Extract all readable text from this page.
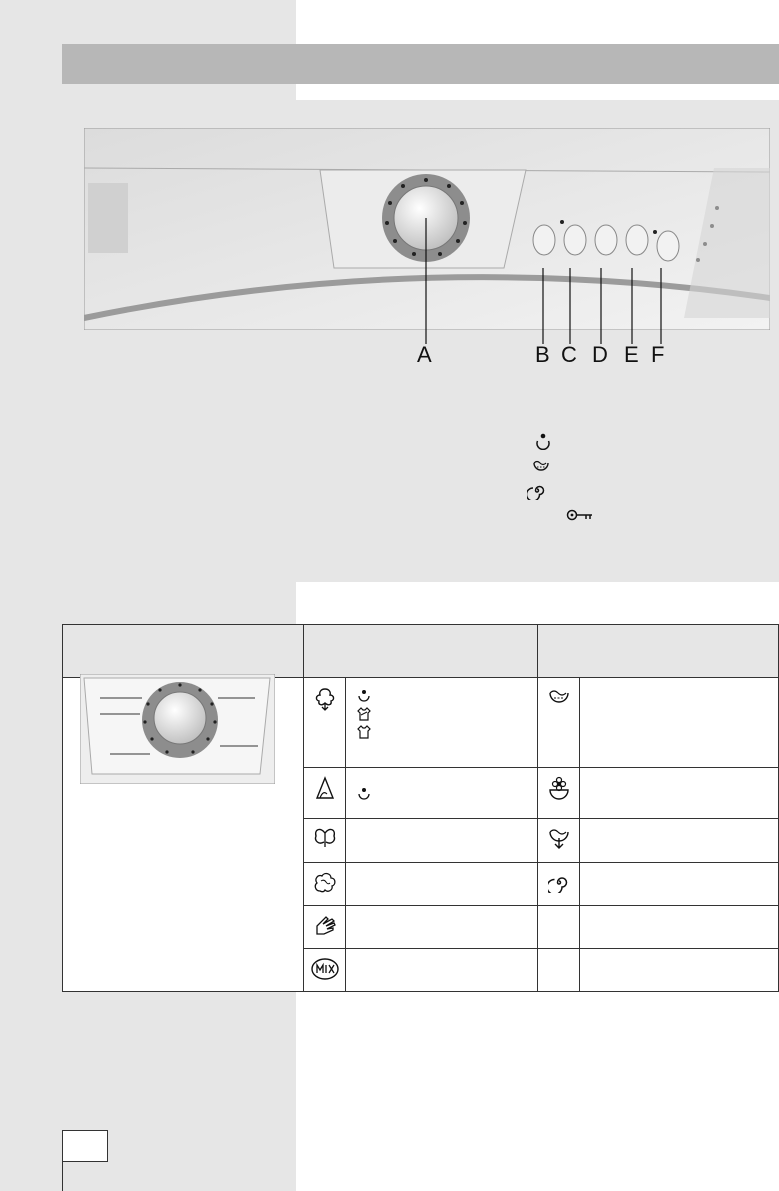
A	B C D E F
